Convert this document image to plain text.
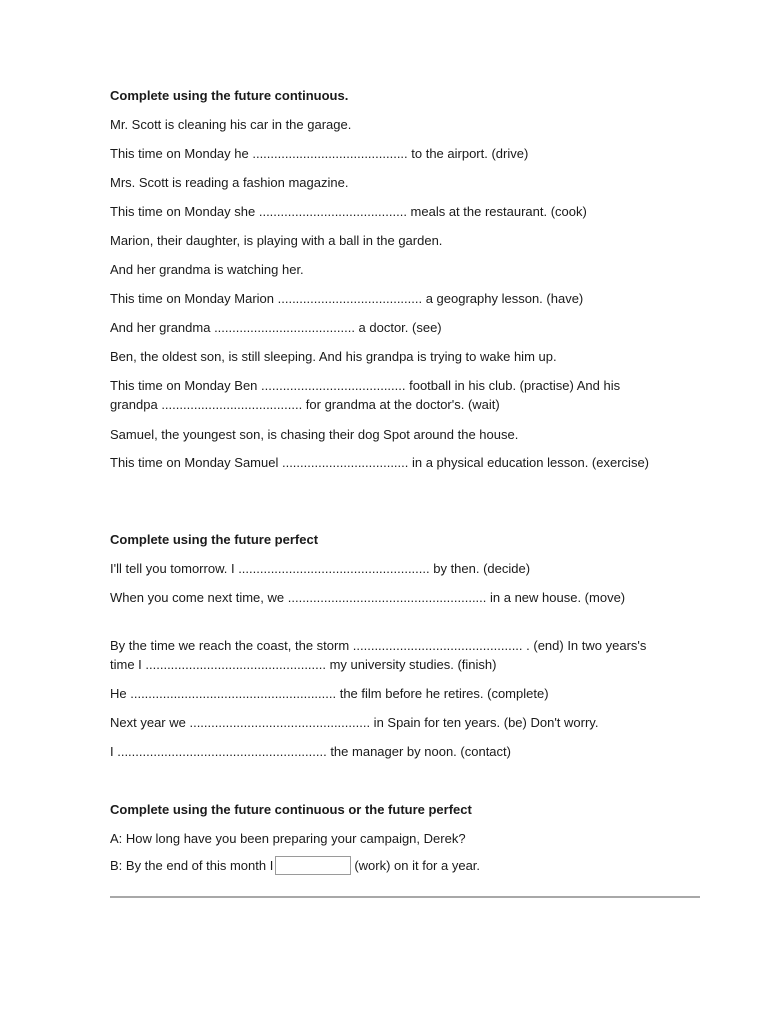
Complete using the future continuous.
Mr. Scott is cleaning his car in the garage.
This time on Monday he ........................................... to the airport. (drive)
Mrs. Scott is reading a fashion magazine.
This time on Monday she ......................................... meals at the restaurant. (cook)
Marion, their daughter, is playing with a ball in the garden.
And her grandma is watching her.
This time on Monday Marion ........................................ a geography lesson. (have)
And her grandma ....................................... a doctor. (see)
Ben, the oldest son, is still sleeping. And his grandpa is trying to wake him up.
This time on Monday Ben ........................................ football in his club. (practise) And his grandpa ....................................... for grandma at the doctor's. (wait)
Samuel, the youngest son, is chasing their dog Spot around the house.
This time on Monday Samuel ................................... in a physical education lesson. (exercise)
Complete using the future perfect
I'll tell you tomorrow. I ..................................................... by then. (decide)
When you come next time, we ....................................................... in a new house. (move)
By the time we reach the coast, the storm ............................................... . (end) In two years's time I .................................................. my university studies. (finish)
He ......................................................... the film before he retires. (complete)
Next year we .................................................. in Spain for ten years. (be) Don't worry.
I .......................................................... the manager by noon. (contact)
Complete using the future continuous or the future perfect
A: How long have you been preparing your campaign, Derek?
B: By the end of this month I	(work) on it for a year.
